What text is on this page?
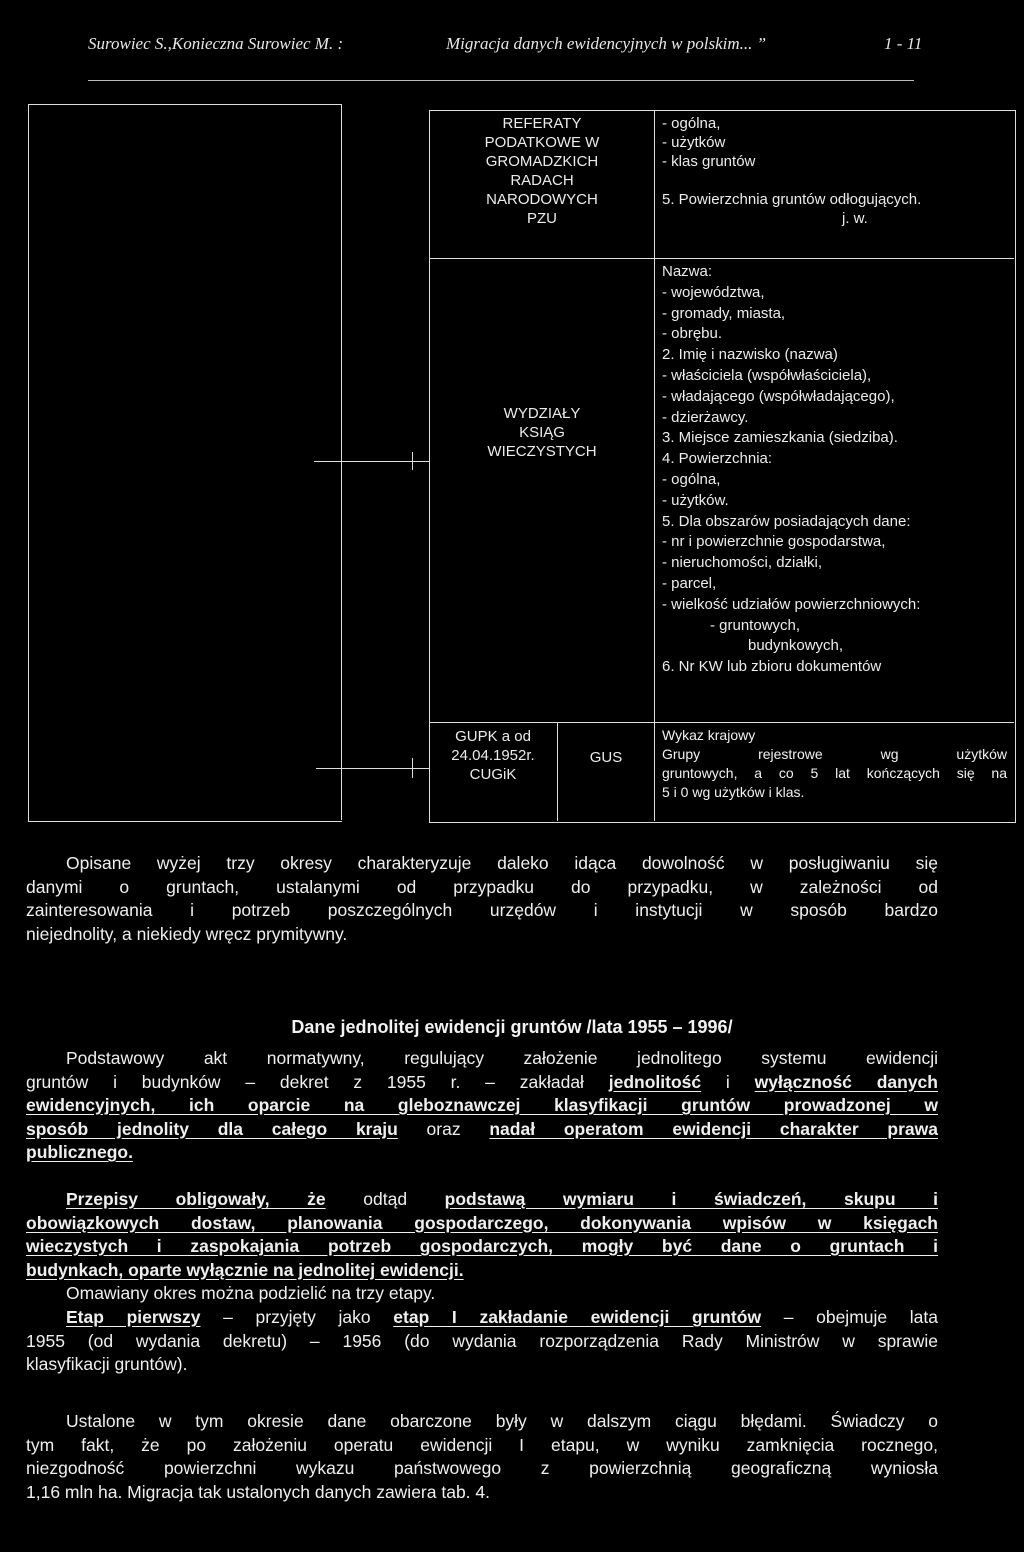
Surowiec S.,Konieczna Surowiec M. :	Migracja danych ewidencyjnych w polskim... ”	1 - 11
REFERATY
PODATKOWE W
GROMADZKICH
RADACH
NARODOWYCH
PZU
- ogólna,
- użytków
- klas gruntów
5. Powierzchnia gruntów odłogujących.
j. w.
WYDZIAŁY
KSIĄG
WIECZYSTYCH
Nazwa:
- województwa,
- gromady, miasta,
- obrębu.
2. Imię i nazwisko (nazwa)
- właściciela (współwłaściciela),
- władającego (współwładającego),
- dzierżawcy.
3. Miejsce zamieszkania (siedziba).
4. Powierzchnia:
- ogólna,
- użytków.
5. Dla obszarów posiadających dane:
- nr i powierzchnie gospodarstwa,
- nieruchomości, działki,
- parcel,
- wielkość udziałów powierzchniowych:
- gruntowych,
budynkowych,
6. Nr KW lub zbioru dokumentów
GUPK a od
24.04.1952r.
CUGiK
GUS
Wykaz krajowy
Grupy rejestrowe wg użytków
gruntowych, a co 5 lat kończących się na
5 i 0 wg użytków i klas.
Opisane wyżej trzy okresy charakteryzuje daleko idąca dowolność w posługiwaniu się
danymi o gruntach, ustalanymi od przypadku do przypadku, w zależności od
zainteresowania i potrzeb poszczególnych urzędów i instytucji w sposób bardzo
niejednolity, a niekiedy wręcz prymitywny.
Dane jednolitej ewidencji gruntów /lata 1955 – 1996/
Podstawowy akt normatywny, regulujący założenie jednolitego systemu ewidencji
gruntów i budynków – dekret z 1955 r. – zakładał jednolitość i wyłączność danych
ewidencyjnych, ich oparcie na gleboznawczej klasyfikacji gruntów prowadzonej w
sposób jednolity dla całego kraju oraz nadał operatom ewidencji charakter prawa
publicznego.
Przepisy obligowały, że odtąd podstawą wymiaru i świadczeń, skupu i
obowiązkowych dostaw, planowania gospodarczego, dokonywania wpisów w księgach
wieczystych i zaspokajania potrzeb gospodarczych, mogły być dane o gruntach i
budynkach, oparte wyłącznie na jednolitej ewidencji.
Omawiany okres można podzielić na trzy etapy.
Etap pierwszy – przyjęty jako etap I zakładanie ewidencji gruntów – obejmuje lata
1955 (od wydania dekretu) – 1956 (do wydania rozporządzenia Rady Ministrów w sprawie
klasyfikacji gruntów).
Ustalone w tym okresie dane obarczone były w dalszym ciągu błędami. Świadczy o
tym fakt, że po założeniu operatu ewidencji I etapu, w wyniku zamknięcia rocznego,
niezgodność powierzchni wykazu państwowego z powierzchnią geograficzną wyniosła
1,16 mln ha. Migracja tak ustalonych danych zawiera tab. 4.
